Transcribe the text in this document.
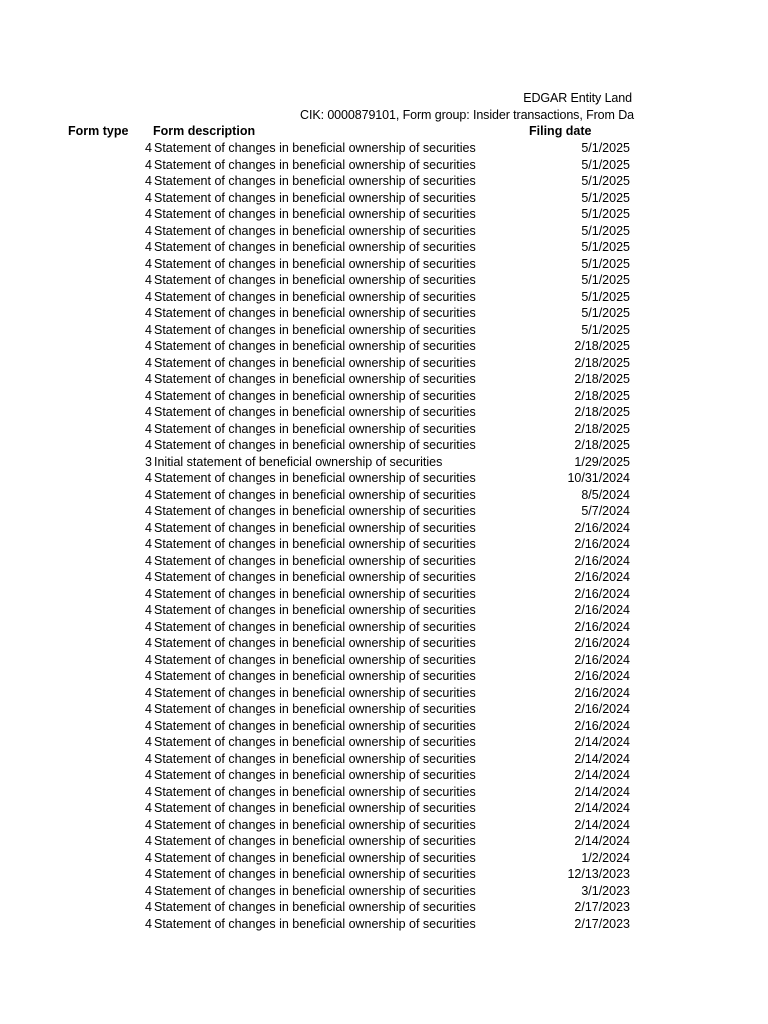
EDGAR Entity Land
CIK: 0000879101, Form group: Insider transactions, From Da
Form type Form description	Filing date
4 Statement of changes in beneficial ownership of securities	5/1/2025
4 Statement of changes in beneficial ownership of securities	5/1/2025
4 Statement of changes in beneficial ownership of securities	5/1/2025
4 Statement of changes in beneficial ownership of securities	5/1/2025
4 Statement of changes in beneficial ownership of securities	5/1/2025
4 Statement of changes in beneficial ownership of securities	5/1/2025
4 Statement of changes in beneficial ownership of securities	5/1/2025
4 Statement of changes in beneficial ownership of securities	5/1/2025
4 Statement of changes in beneficial ownership of securities	5/1/2025
4 Statement of changes in beneficial ownership of securities	5/1/2025
4 Statement of changes in beneficial ownership of securities	5/1/2025
4 Statement of changes in beneficial ownership of securities	5/1/2025
4 Statement of changes in beneficial ownership of securities	2/18/2025
4 Statement of changes in beneficial ownership of securities	2/18/2025
4 Statement of changes in beneficial ownership of securities	2/18/2025
4 Statement of changes in beneficial ownership of securities	2/18/2025
4 Statement of changes in beneficial ownership of securities	2/18/2025
4 Statement of changes in beneficial ownership of securities	2/18/2025
4 Statement of changes in beneficial ownership of securities	2/18/2025
3 Initial statement of beneficial ownership of securities	1/29/2025
4 Statement of changes in beneficial ownership of securities	10/31/2024
4 Statement of changes in beneficial ownership of securities	8/5/2024
4 Statement of changes in beneficial ownership of securities	5/7/2024
4 Statement of changes in beneficial ownership of securities	2/16/2024
4 Statement of changes in beneficial ownership of securities	2/16/2024
4 Statement of changes in beneficial ownership of securities	2/16/2024
4 Statement of changes in beneficial ownership of securities	2/16/2024
4 Statement of changes in beneficial ownership of securities	2/16/2024
4 Statement of changes in beneficial ownership of securities	2/16/2024
4 Statement of changes in beneficial ownership of securities	2/16/2024
4 Statement of changes in beneficial ownership of securities	2/16/2024
4 Statement of changes in beneficial ownership of securities	2/16/2024
4 Statement of changes in beneficial ownership of securities	2/16/2024
4 Statement of changes in beneficial ownership of securities	2/16/2024
4 Statement of changes in beneficial ownership of securities	2/16/2024
4 Statement of changes in beneficial ownership of securities	2/16/2024
4 Statement of changes in beneficial ownership of securities	2/14/2024
4 Statement of changes in beneficial ownership of securities	2/14/2024
4 Statement of changes in beneficial ownership of securities	2/14/2024
4 Statement of changes in beneficial ownership of securities	2/14/2024
4 Statement of changes in beneficial ownership of securities	2/14/2024
4 Statement of changes in beneficial ownership of securities	2/14/2024
4 Statement of changes in beneficial ownership of securities	2/14/2024
4 Statement of changes in beneficial ownership of securities	1/2/2024
4 Statement of changes in beneficial ownership of securities	12/13/2023
4 Statement of changes in beneficial ownership of securities	3/1/2023
4 Statement of changes in beneficial ownership of securities	2/17/2023
4 Statement of changes in beneficial ownership of securities	2/17/2023
